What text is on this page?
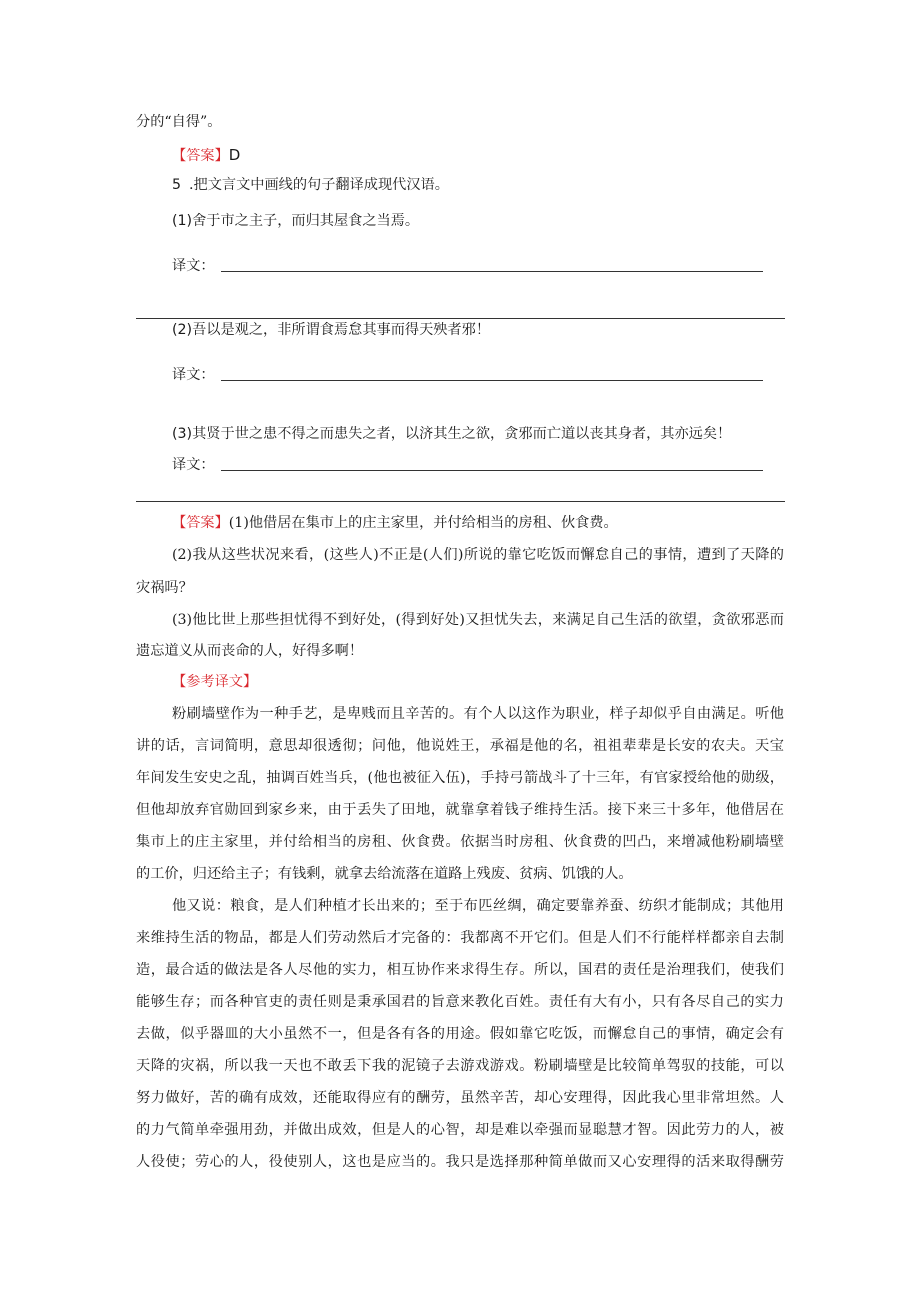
分的“自得”。
【答案】D
5 .把文言文中画线的句子翻译成现代汉语。
(1)舍于市之主子，而归其屋食之当焉。
译文：
(2)吾以是观之，非所谓食焉怠其事而得天殃者邪！
译文：
(3)其贤于世之患不得之而患失之者，以济其生之欲，贪邪而亡道以丧其身者，其亦远矣！
译文：
【答案】(1)他借居在集市上的庄主家里，并付给相当的房租、伙食费。
(2)我从这些状况来看，(这些人)不正是(人们)所说的靠它吃饭而懈怠自己的事情，遭到了天降的
灾祸吗？
(3)他比世上那些担忧得不到好处，(得到好处)又担忧失去，来满足自己生活的欲望，贪欲邪恶而
遗忘道义从而丧命的人，好得多啊！
【参考译文】
粉刷墙壁作为一种手艺，是卑贱而且辛苦的。有个人以这作为职业，样子却似乎自由满足。听他
讲的话，言词简明，意思却很透彻；问他，他说姓王，承福是他的名，祖祖辈辈是长安的农夫。天宝
年间发生安史之乱，抽调百姓当兵，(他也被征入伍)，手持弓箭战斗了十三年，有官家授给他的勋级，
但他却放弃官勋回到家乡来，由于丢失了田地，就靠拿着钱子维持生活。接下来三十多年，他借居在
集市上的庄主家里，并付给相当的房租、伙食费。依据当时房租、伙食费的凹凸，来增减他粉刷墙壁
的工价，归还给主子；有钱剩，就拿去给流落在道路上残废、贫病、饥饿的人。
他又说：粮食，是人们种植才长出来的；至于布匹丝绸，确定要靠养蚕、纺织才能制成；其他用
来维持生活的物品，都是人们劳动然后才完备的：我都离不开它们。但是人们不行能样样都亲自去制
造，最合适的做法是各人尽他的实力，相互协作来求得生存。所以，国君的责任是治理我们，使我们
能够生存；而各种官吏的责任则是秉承国君的旨意来教化百姓。责任有大有小，只有各尽自己的实力
去做，似乎器皿的大小虽然不一，但是各有各的用途。假如靠它吃饭，而懈怠自己的事情，确定会有
天降的灾祸，所以我一天也不敢丢下我的泥镜子去游戏游戏。粉刷墙壁是比较简单驾驭的技能，可以
努力做好，苦的确有成效，还能取得应有的酬劳，虽然辛苦，却心安理得，因此我心里非常坦然。人
的力气简单牵强用劲，并做出成效，但是人的心智，却是难以牵强而显聪慧才智。因此劳力的人，被
人役使；劳心的人，役使别人，这也是应当的。我只是选择那种简单做而又心安理得的活来取得酬劳
